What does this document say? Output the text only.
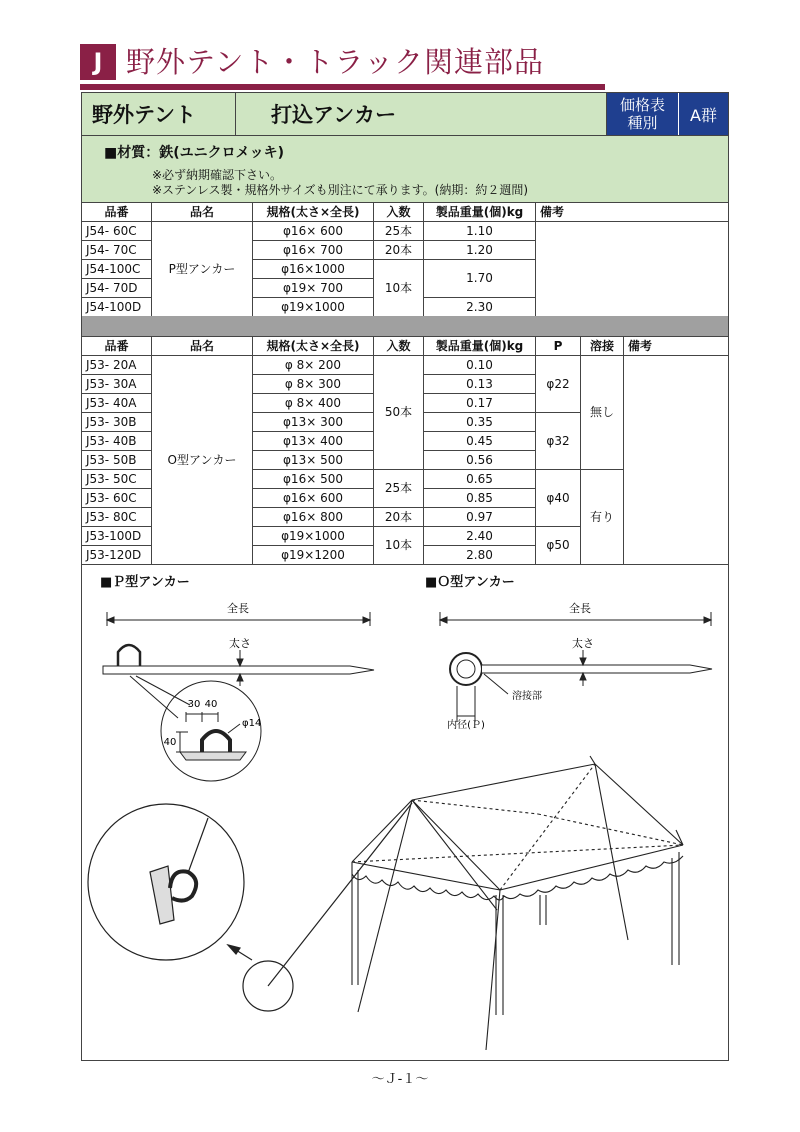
J 野外テント・トラック関連部品
野外テント	打込アンカー	価格表
種別	A群
■材質：鉄(ユニクロメッキ)
※必ず納期確認下さい。
※ステンレス製・規格外サイズも別注にて承ります。(納期：約２週間)
品番	品名	規格(太さ×全長)	入数	製品重量(個)kg	備考
J54- 60C	P型アンカー	φ16× 600	25本	1.10	
J54- 70C		φ16× 700	20本	1.20	
J54-100C		φ16×1000	10本	1.70	
J54- 70D		φ19× 700			
J54-100D		φ19×1000		2.30	
品番	品名	規格(太さ×全長)	入数	製品重量(個)kg	P	溶接	備考
J53- 20A	O型アンカー	φ 8× 200	50本	0.10	φ22	無し	
J53- 30A		φ 8× 300		0.13			
J53- 40A		φ 8× 400		0.17			
J53- 30B		φ13× 300		0.35	φ32		
J53- 40B		φ13× 400		0.45			
J53- 50B		φ13× 500		0.56			
J53- 50C		φ16× 500	25本	0.65	φ40	有り	
J53- 60C		φ16× 600		0.85			
J53- 80C		φ16× 800	20本	0.97			
J53-100D		φ19×1000	10本	2.40	φ50		
J53-120D		φ19×1200		2.80			
■Ｐ型アンカー	■Ｏ型アンカー
全長
太さ
30 40
40
φ14
全長
太さ
溶接部
内径(Ｐ)
～Ｊ-１～
